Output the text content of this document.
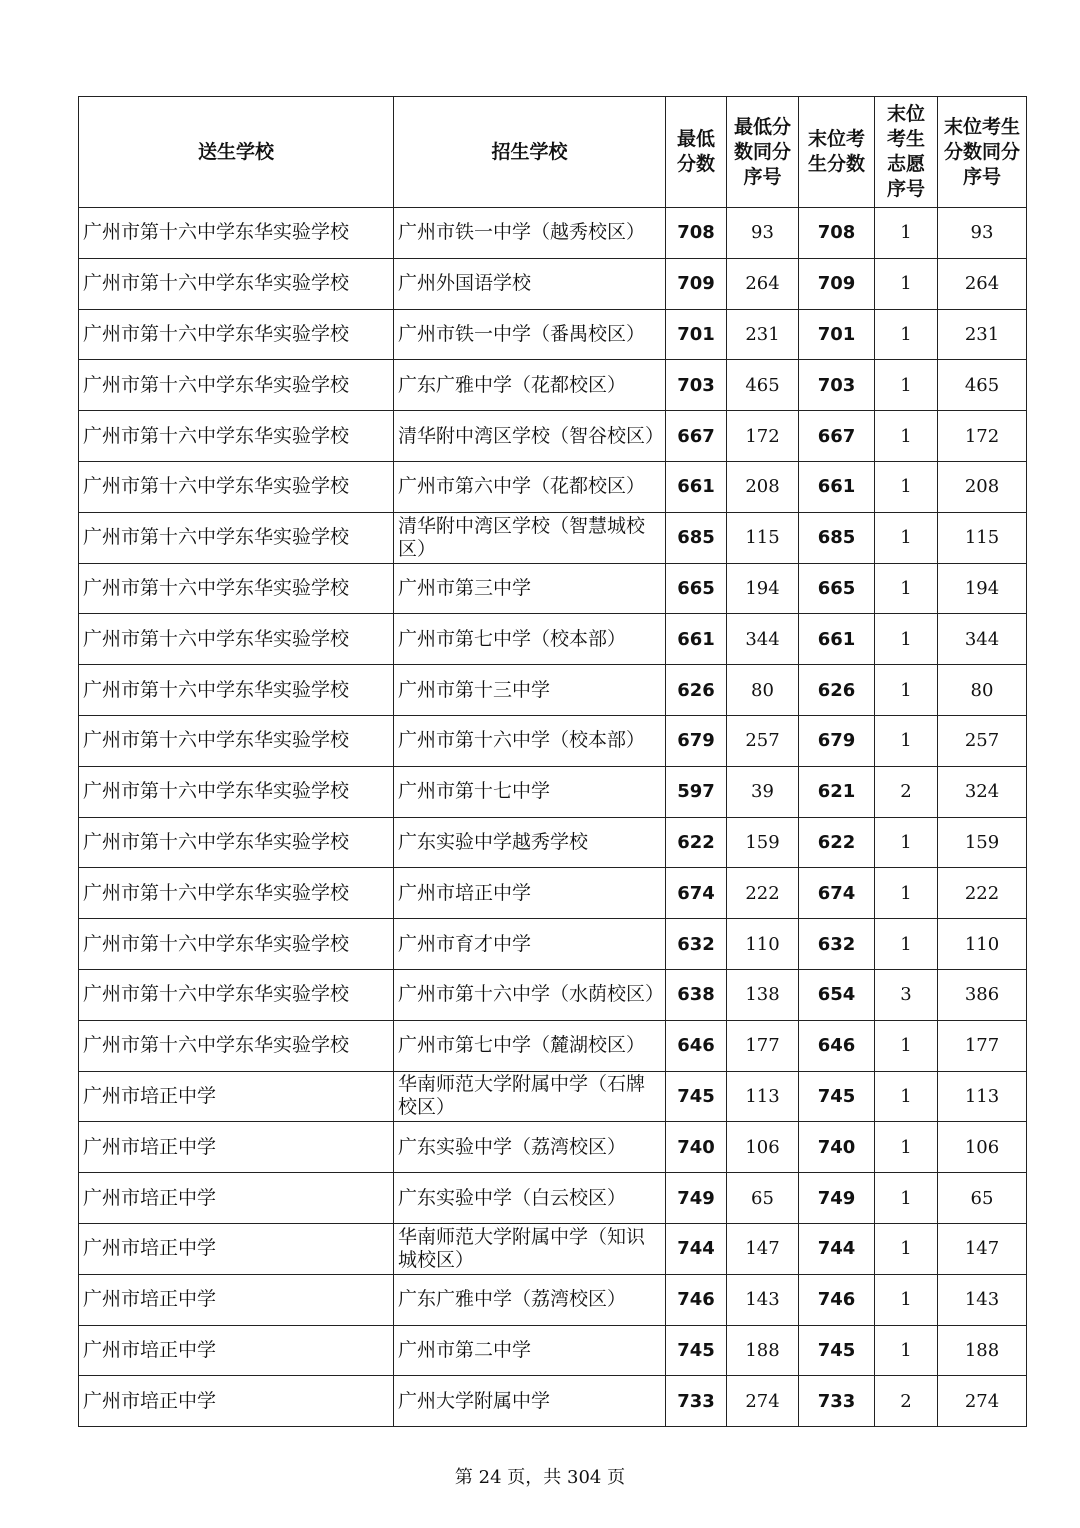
送生学校	招生学校	最低分数	最低分数同分序号	末位考生分数	末位考生志愿序号	末位考生分数同分序号
广州市第十六中学东华实验学校	广州市铁一中学（越秀校区）	708	93	708	1	93
广州市第十六中学东华实验学校	广州外国语学校	709	264	709	1	264
广州市第十六中学东华实验学校	广州市铁一中学（番禺校区）	701	231	701	1	231
广州市第十六中学东华实验学校	广东广雅中学（花都校区）	703	465	703	1	465
广州市第十六中学东华实验学校	清华附中湾区学校（智谷校区）	667	172	667	1	172
广州市第十六中学东华实验学校	广州市第六中学（花都校区）	661	208	661	1	208
广州市第十六中学东华实验学校	清华附中湾区学校（智慧城校区）	685	115	685	1	115
广州市第十六中学东华实验学校	广州市第三中学	665	194	665	1	194
广州市第十六中学东华实验学校	广州市第七中学（校本部）	661	344	661	1	344
广州市第十六中学东华实验学校	广州市第十三中学	626	80	626	1	80
广州市第十六中学东华实验学校	广州市第十六中学（校本部）	679	257	679	1	257
广州市第十六中学东华实验学校	广州市第十七中学	597	39	621	2	324
广州市第十六中学东华实验学校	广东实验中学越秀学校	622	159	622	1	159
广州市第十六中学东华实验学校	广州市培正中学	674	222	674	1	222
广州市第十六中学东华实验学校	广州市育才中学	632	110	632	1	110
广州市第十六中学东华实验学校	广州市第十六中学（水荫校区）	638	138	654	3	386
广州市第十六中学东华实验学校	广州市第七中学（麓湖校区）	646	177	646	1	177
广州市培正中学	华南师范大学附属中学（石牌校区）	745	113	745	1	113
广州市培正中学	广东实验中学（荔湾校区）	740	106	740	1	106
广州市培正中学	广东实验中学（白云校区）	749	65	749	1	65
广州市培正中学	华南师范大学附属中学（知识城校区）	744	147	744	1	147
广州市培正中学	广东广雅中学（荔湾校区）	746	143	746	1	143
广州市培正中学	广州市第二中学	745	188	745	1	188
广州市培正中学	广州大学附属中学	733	274	733	2	274
第 24 页，共 304 页
